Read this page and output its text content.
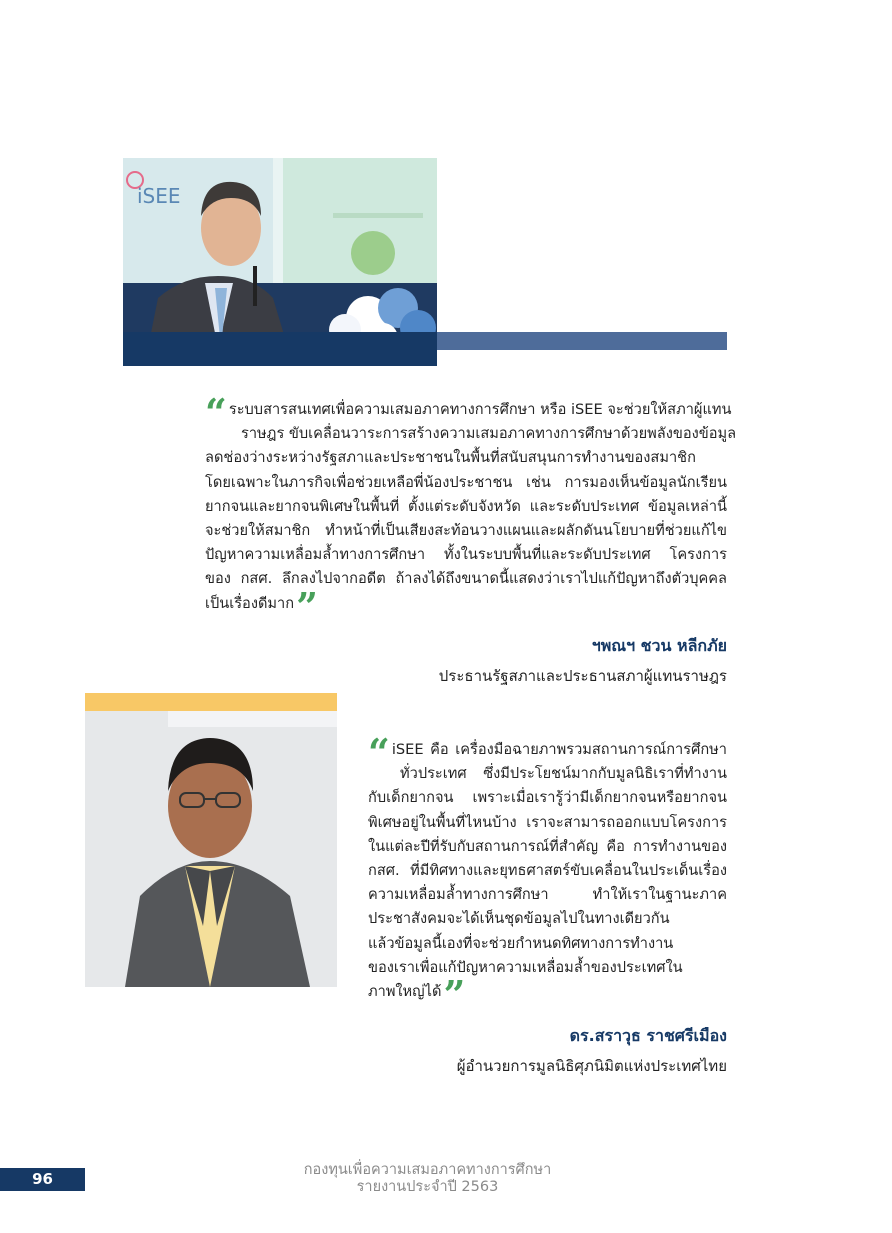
iSEE
“ ระบบสารสนเทศเพื่อความเสมอภาคทางการศึกษา หรือ iSEE จะช่วยให้สภาผู้แทน
ราษฎร ขับเคลื่อนวาระการสร้างความเสมอภาคทางการศึกษาด้วยพลังของข้อมูล
ลดช่องว่างระหว่างรัฐสภาและประชาชนในพื้นที่สนับสนุนการทำงานของสมาชิก
โดยเฉพาะในภารกิจเพื่อช่วยเหลือพี่น้องประชาชน เช่น การมองเห็นข้อมูลนักเรียน
ยากจนและยากจนพิเศษในพื้นที่ ตั้งแต่ระดับจังหวัด และระดับประเทศ ข้อมูลเหล่านี้
จะช่วยให้สมาชิก ทำหน้าที่เป็นเสียงสะท้อนวางแผนและผลักดันนโยบายที่ช่วยแก้ไข
ปัญหาความเหลื่อมล้ำทางการศึกษา ทั้งในระบบพื้นที่และระดับประเทศ โครงการ
ของ กสศ. ลึกลงไปจากอดีต ถ้าลงได้ถึงขนาดนี้แสดงว่าเราไปแก้ปัญหาถึงตัวบุคคล
เป็นเรื่องดีมาก”
ฯพณฯ ชวน หลีกภัย
ประธานรัฐสภาและประธานสภาผู้แทนราษฎร
“ iSEE คือ เครื่องมือฉายภาพรวมสถานการณ์การศึกษา
ทั่วประเทศ ซึ่งมีประโยชน์มากกับมูลนิธิเราที่ทำงาน
กับเด็กยากจน เพราะเมื่อเรารู้ว่ามีเด็กยากจนหรือยากจน
พิเศษอยู่ในพื้นที่ไหนบ้าง เราจะสามารถออกแบบโครงการ
ในแต่ละปีที่รับกับสถานการณ์ที่สำคัญ คือ การทำงานของ
กสศ. ที่มีทิศทางและยุทธศาสตร์ขับเคลื่อนในประเด็นเรื่อง
ความเหลื่อมล้ำทางการศึกษา ทำให้เราในฐานะภาค
ประชาสังคมจะได้เห็นชุดข้อมูลไปในทางเดียวกัน
แล้วข้อมูลนี้เองที่จะช่วยกำหนดทิศทางการทำงาน
ของเราเพื่อแก้ปัญหาความเหลื่อมล้ำของประเทศใน
ภาพใหญ่ได้”
ดร.สราวุธ ราชศรีเมือง
ผู้อำนวยการมูลนิธิศุภนิมิตแห่งประเทศไทย
96	กองทุนเพื่อความเสมอภาคทางการศึกษา
รายงานประจำปี 2563
